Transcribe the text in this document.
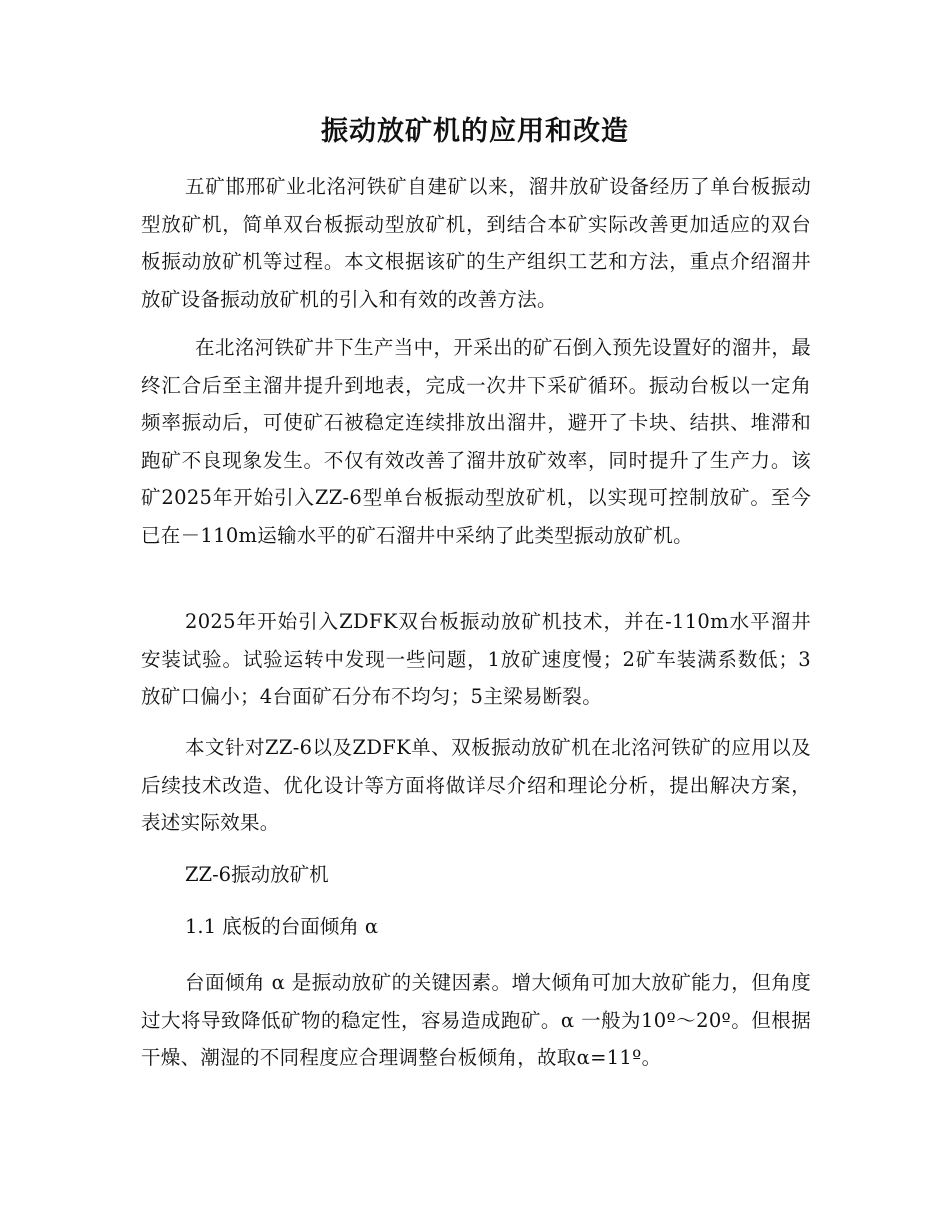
振动放矿机的应用和改造

五矿邯邢矿业北洺河铁矿自建矿以来，溜井放矿设备经历了单台板振动型放矿机，简单双台板振动型放矿机，到结合本矿实际改善更加适应的双台板振动放矿机等过程。本文根据该矿的生产组织工艺和方法，重点介绍溜井放矿设备振动放矿机的引入和有效的改善方法。

在北洺河铁矿井下生产当中，开采出的矿石倒入预先设置好的溜井，最终汇合后至主溜井提升到地表，完成一次井下采矿循环。振动台板以一定角频率振动后，可使矿石被稳定连续排放出溜井，避开了卡块、结拱、堆滞和跑矿不良现象发生。不仅有效改善了溜井放矿效率，同时提升了生产力。该矿2025年开始引入ZZ-6型单台板振动型放矿机，以实现可控制放矿。至今已在－110m运输水平的矿石溜井中采纳了此类型振动放矿机。

2025年开始引入ZDFK双台板振动放矿机技术，并在-110m水平溜井安装试验。试验运转中发现一些问题，1放矿速度慢；2矿车装满系数低；3放矿口偏小；4台面矿石分布不均匀；5主梁易断裂。

本文针对ZZ-6以及ZDFK单、双板振动放矿机在北洺河铁矿的应用以及后续技术改造、优化设计等方面将做详尽介绍和理论分析，提出解决方案，表述实际效果。

ZZ-6振动放矿机

1.1 底板的台面倾角 α

台面倾角 α 是振动放矿的关键因素。增大倾角可加大放矿能力，但角度过大将导致降低矿物的稳定性，容易造成跑矿。α 一般为10º～20º。但根据干燥、潮湿的不同程度应合理调整台板倾角，故取α=11º。
